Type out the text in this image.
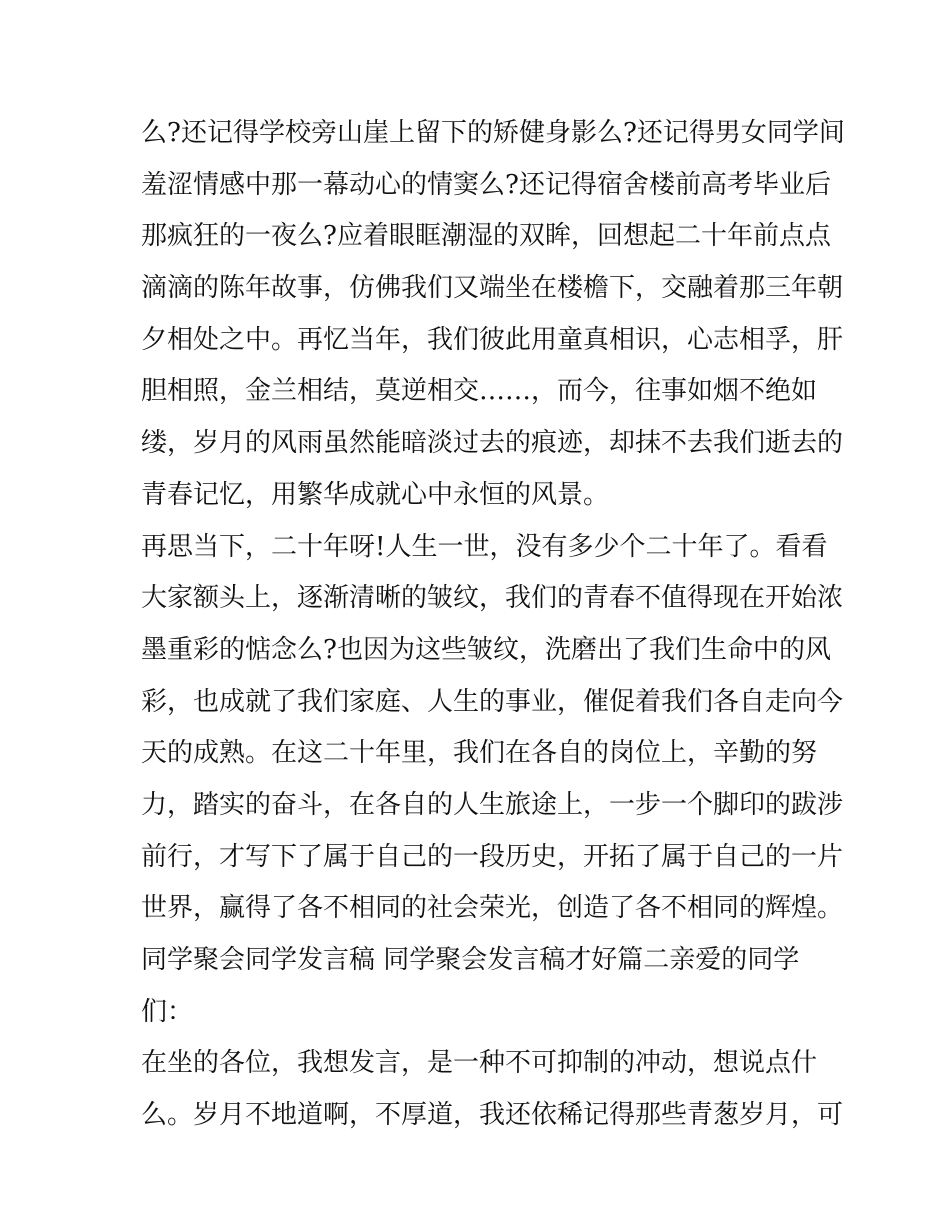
么?还记得学校旁山崖上留下的矫健身影么?还记得男女同学间
羞涩情感中那一幕动心的情窦么?还记得宿舍楼前高考毕业后
那疯狂的一夜么?应着眼眶潮湿的双眸，回想起二十年前点点
滴滴的陈年故事，仿佛我们又端坐在楼檐下，交融着那三年朝
夕相处之中。再忆当年，我们彼此用童真相识，心志相孚，肝
胆相照，金兰相结，莫逆相交……，而今，往事如烟不绝如
缕，岁月的风雨虽然能暗淡过去的痕迹，却抹不去我们逝去的
青春记忆，用繁华成就心中永恒的风景。
再思当下，二十年呀!人生一世，没有多少个二十年了。看看
大家额头上，逐渐清晰的皱纹，我们的青春不值得现在开始浓
墨重彩的惦念么?也因为这些皱纹，洗磨出了我们生命中的风
彩，也成就了我们家庭、人生的事业，催促着我们各自走向今
天的成熟。在这二十年里，我们在各自的岗位上，辛勤的努
力，踏实的奋斗，在各自的人生旅途上，一步一个脚印的跋涉
前行，才写下了属于自己的一段历史，开拓了属于自己的一片
世界，赢得了各不相同的社会荣光，创造了各不相同的辉煌。
同学聚会同学发言稿 同学聚会发言稿才好篇二亲爱的同学
们：
在坐的各位，我想发言，是一种不可抑制的冲动，想说点什
么。岁月不地道啊，不厚道，我还依稀记得那些青葱岁月，可
